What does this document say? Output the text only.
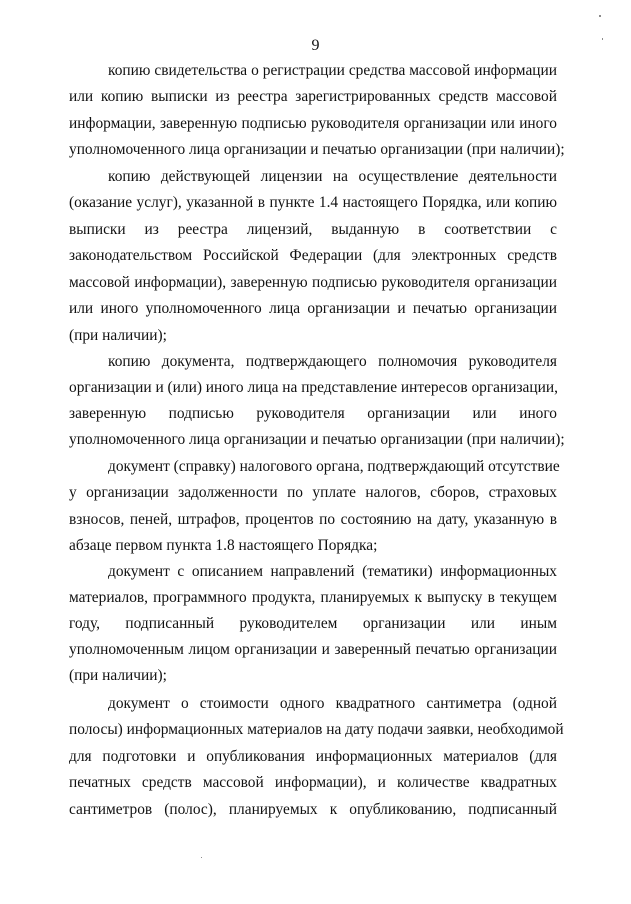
9
копию свидетельства о регистрации средства массовой информации
или копию выписки из реестра зарегистрированных средств массовой
информации, заверенную подписью руководителя организации или иного
уполномоченного лица организации и печатью организации (при наличии);
копию действующей лицензии на осуществление деятельности
(оказание услуг), указанной в пункте 1.4 настоящего Порядка, или копию
выписки из реестра лицензий, выданную в соответствии с
законодательством Российской Федерации (для электронных средств
массовой информации), заверенную подписью руководителя организации
или иного уполномоченного лица организации и печатью организации
(при наличии);
копию документа, подтверждающего полномочия руководителя
организации и (или) иного лица на представление интересов организации,
заверенную подписью руководителя организации или иного
уполномоченного лица организации и печатью организации (при наличии);
документ (справку) налогового органа, подтверждающий отсутствие
у организации задолженности по уплате налогов, сборов, страховых
взносов, пеней, штрафов, процентов по состоянию на дату, указанную в
абзаце первом пункта 1.8 настоящего Порядка;
документ с описанием направлений (тематики) информационных
материалов, программного продукта, планируемых к выпуску в текущем
году, подписанный руководителем организации или иным
уполномоченным лицом организации и заверенный печатью организации
(при наличии);
документ о стоимости одного квадратного сантиметра (одной
полосы) информационных материалов на дату подачи заявки, необходимой
для подготовки и опубликования информационных материалов (для
печатных средств массовой информации), и количестве квадратных
сантиметров (полос), планируемых к опубликованию, подписанный
